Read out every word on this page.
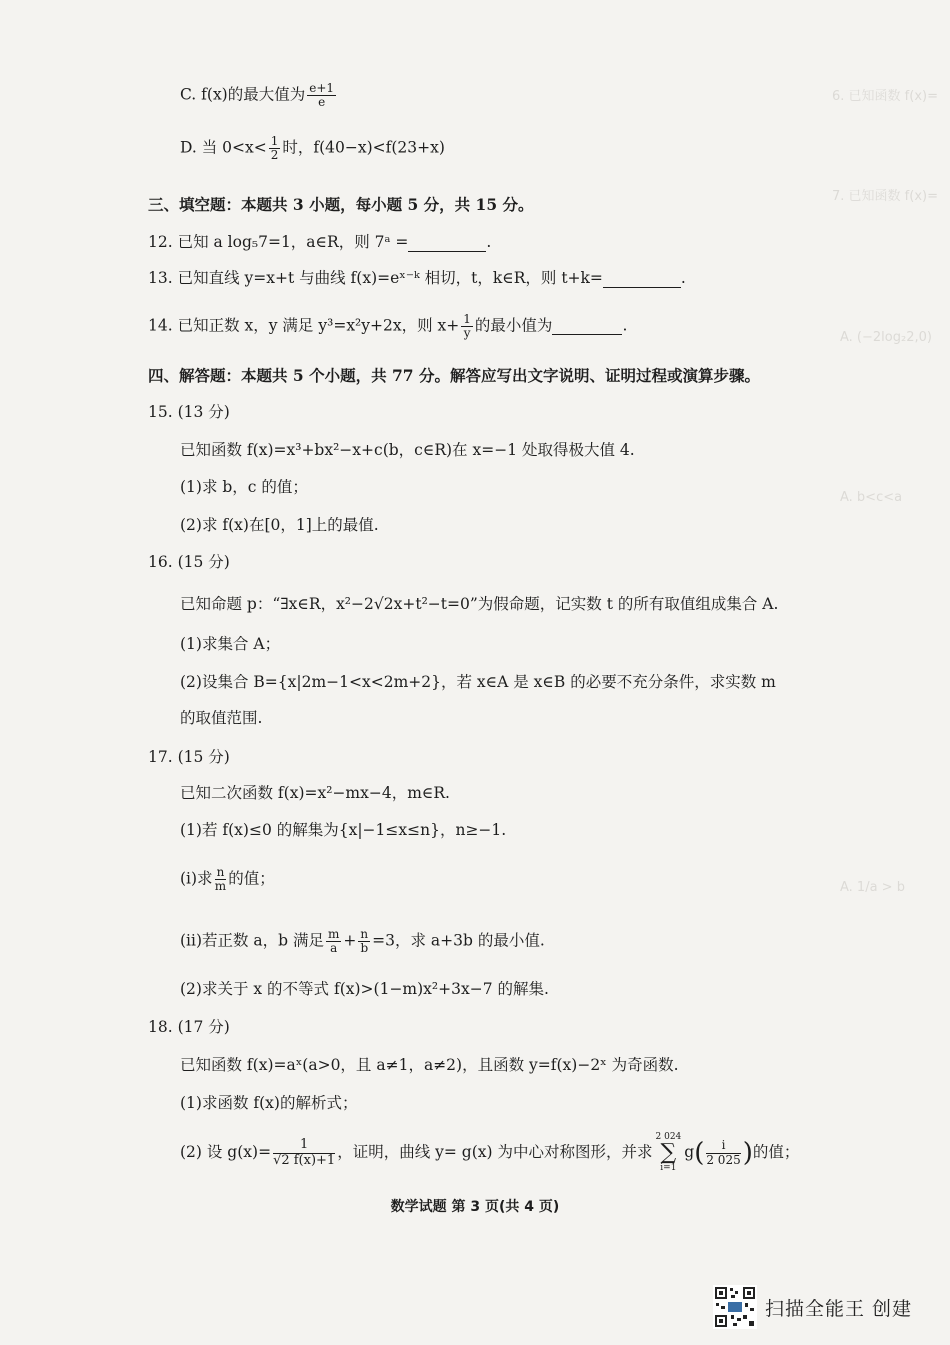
6. 已知函数 f(x)=
7. 已知函数 f(x)=
A. (−2log₂2,0)
A. b<c<a
A. 1/a > b
C. f(x)的最大值为 $\frac{e+1}{e}$
D. 当 $0<x< \frac{1}{2}$ 时，f(40−x)<f(23+x)
三、填空题：本题共 3 小题，每小题 5 分，共 15 分。
12. 已知 a log₅7=1，a∈R，则 7ᵃ =	.
13. 已知直线 y=x+t 与曲线 f(x)=eˣ⁻ᵏ 相切，t，k∈R，则 t+k=	.
14. 已知正数 x，y 满足 y³=x²y+2x，则 $x+ \frac{1}{y}$ 的最小值为	.
四、解答题：本题共 5 个小题，共 77 分。解答应写出文字说明、证明过程或演算步骤。
15. (13 分)
已知函数 f(x)=x³+bx²−x+c(b，c∈R)在 x=−1 处取得极大值 4.
(1)求 b，c 的值；
(2)求 f(x)在[0，1]上的最值.
16. (15 分)
已知命题 p：“∃x∈R，x²−2√2x+t²−t=0”为假命题，记实数 t 的所有取值组成集合 A.
(1)求集合 A；
(2)设集合 B={x|2m−1<x<2m+2}，若 x∈A 是 x∈B 的必要不充分条件，求实数 m
的取值范围.
17. (15 分)
已知二次函数 f(x)=x²−mx−4，m∈R.
(1)若 f(x)≤0 的解集为{x|−1≤x≤n}，n≥−1.
(ⅰ)求 $\frac{n}{m}$ 的值；
(ⅱ)若正数 a，b 满足 $\frac{m}{a} + \frac{n}{b} =3$，求 a+3b 的最小值.
(2)求关于 x 的不等式 f(x)>(1−m)x²+3x−7 的解集.
18. (17 分)
已知函数 f(x)=aˣ(a>0，且 a≠1，a≠2)，且函数 y=f(x)−2ˣ 为奇函数.
(1)求函数 f(x)的解析式；
(2) 设 $g(x)= \frac{1}{√2 f(x)+1}$ ，证明，曲线 y= g(x) 为中心对称图形，并求
2 024
∑
i=1
$g( \frac{i}{2 025}$ )的值；
数学试题 第 3 页(共 4 页)
扫描全能王 创建
